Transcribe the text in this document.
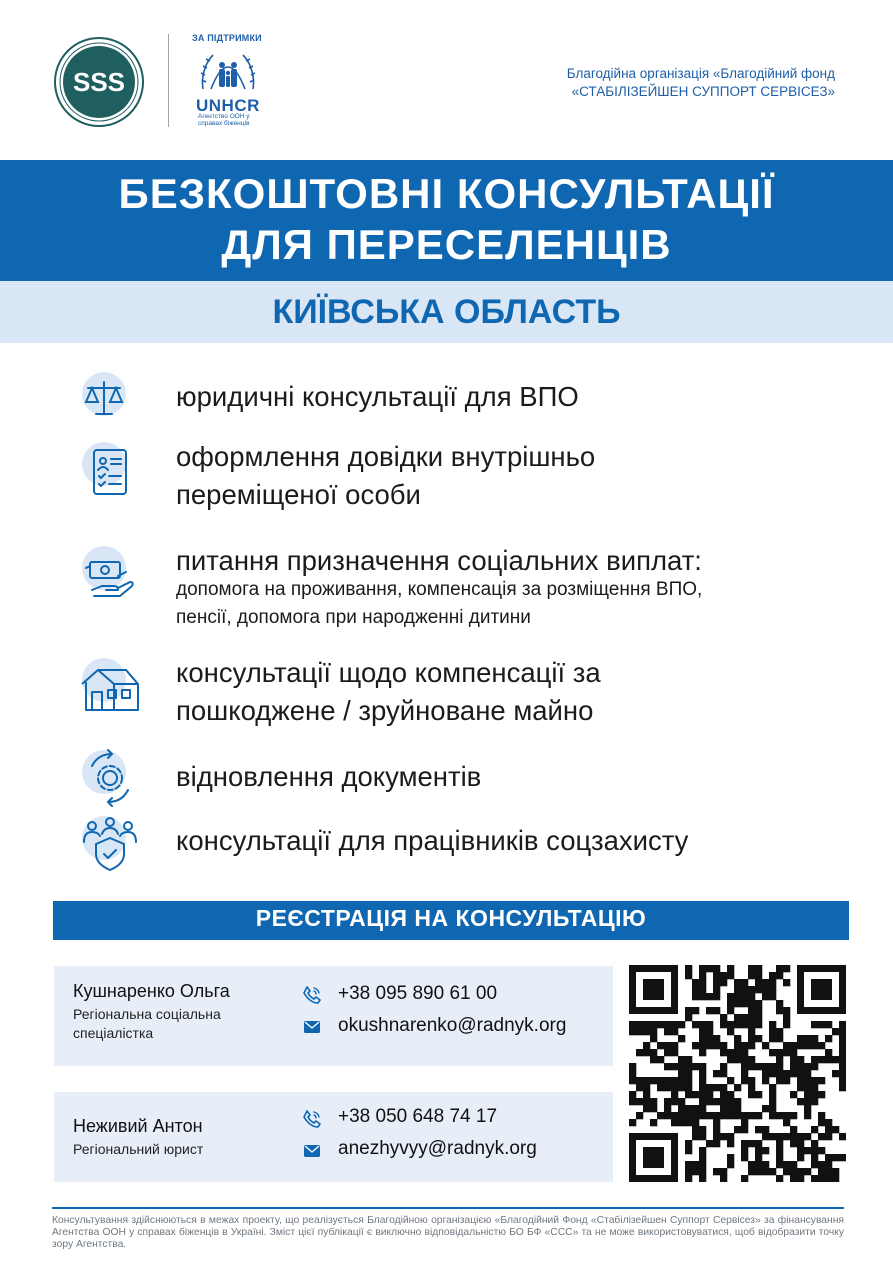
SSS
ЗА ПІДТРИМКИ
UNHCR
Агентство ООН у справах біженців
Благодійна організація «Благодійний фонд
«СТАБІЛІЗЕЙШЕН СУППОРТ СЕРВІСЕЗ»
БЕЗКОШТОВНІ КОНСУЛЬТАЦІЇ
ДЛЯ ПЕРЕСЕЛЕНЦІВ
КИЇВСЬКА ОБЛАСТЬ
юридичні консультації для ВПО
оформлення довідки внутрішньо
переміщеної особи
питання призначення соціальних виплат:
допомога на проживання, компенсація за розміщення ВПО,
пенсії, допомога при народженні дитини
консультації щодо компенсації за
пошкоджене / зруйноване майно
відновлення документів
консультації для працівників соцзахисту
РЕЄСТРАЦІЯ НА КОНСУЛЬТАЦІЮ
Кушнаренко Ольга
Регіональна соціальна спеціалістка
+38 095 890 61 00
okushnarenko@radnyk.org
Неживий Антон
Регіональний юрист
+38 050 648 74 17
anezhyvyy@radnyk.org
Консультування здійснюються в межах проекту, що реалізується Благодійною організацією «Благодійний Фонд «Стабілізейшен Суппорт Сервісез» за фінансування Агентства ООН у справах біженців в Україні. Зміст цієї публікації є виключно відповідальністю БО БФ «ССС» та не може використовуватися, щоб відобразити точку зору Агентства.
